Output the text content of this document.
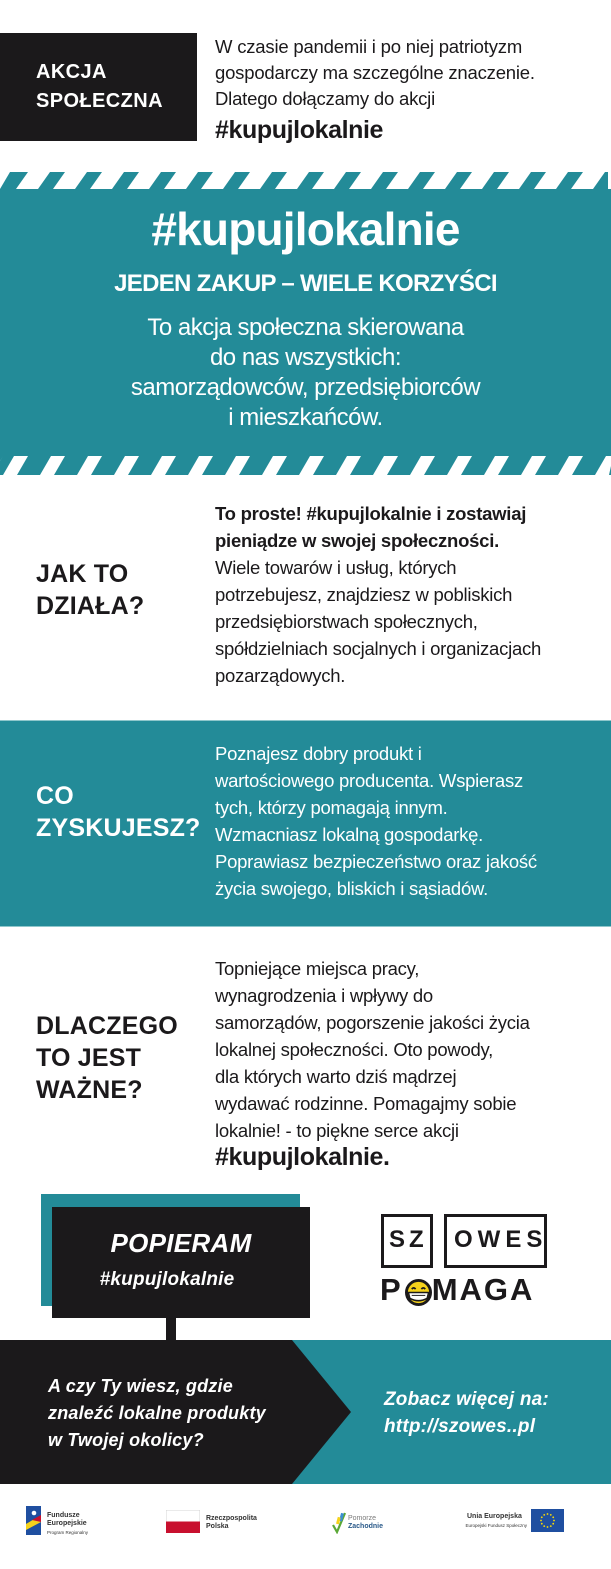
AKCJA
SPOŁECZNA
W czasie pandemii i po niej patriotyzm
gospodarczy ma szczególne znaczenie.
Dlatego dołączamy do akcji
#kupujlokalnie
#kupujlokalnie
JEDEN ZAKUP – WIELE KORZYŚCI
To akcja społeczna skierowana
do nas wszystkich:
samorządowców, przedsiębiorców
i mieszkańców.
JAK TO
DZIAŁA?
To proste! #kupujlokalnie i zostawiaj
pieniądze w swojej społeczności.
Wiele towarów i usług, których
potrzebujesz, znajdziesz w pobliskich
przedsiębiorstwach społecznych,
spółdzielniach socjalnych i organizacjach
pozarządowych.
CO
ZYSKUJESZ?
Poznajesz dobry produkt i
wartościowego producenta. Wspierasz
tych, którzy pomagają innym.
Wzmacniasz lokalną gospodarkę.
Poprawiasz bezpieczeństwo oraz jakość
życia swojego, bliskich i sąsiadów.
DLACZEGO
TO JEST
WAŻNE?
Topniejące miejsca pracy,
wynagrodzenia i wpływy do
samorządów, pogorszenie jakości życia
lokalnej społeczności. Oto powody,
dla których warto dziś mądrzej
wydawać rodzinne. Pomagajmy sobie
lokalnie! - to piękne serce akcji
#kupujlokalnie.
POPIERAM
#kupujlokalnie
SZ OWES
P MAGA
A czy Ty wiesz, gdzie
znaleźć lokalne produkty
w Twojej okolicy?
Zobacz więcej na:
http://szowes..pl
Fundusze
Europejskie
Program Regionalny
Rzeczpospolita
Polska
Pomorze
Zachodnie
Unia Europejska
Europejski Fundusz Społeczny
